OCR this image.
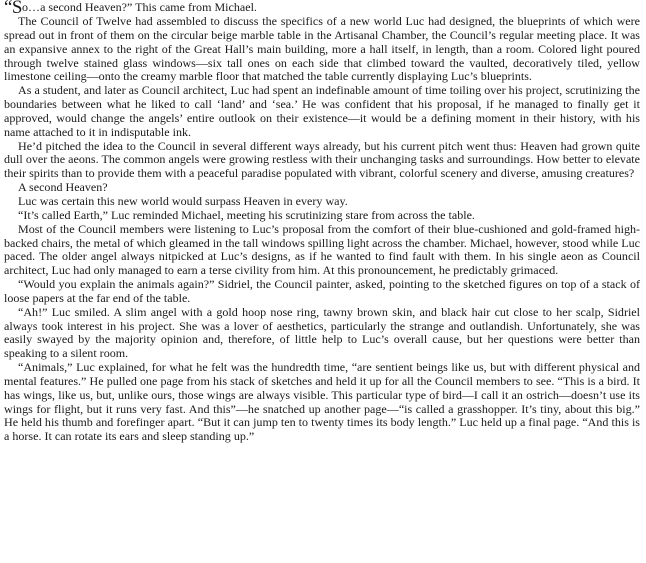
“So…a second Heaven?” This came from Michael.

The Council of Twelve had assembled to discuss the specifics of a new world Luc had designed, the blueprints of which were spread out in front of them on the circular beige marble table in the Artisanal Chamber, the Council’s regular meeting place. It was an expansive annex to the right of the Great Hall’s main building, more a hall itself, in length, than a room. Colored light poured through twelve stained glass windows—six tall ones on each side that climbed toward the vaulted, decoratively tiled, yellow limestone ceiling—onto the creamy marble floor that matched the table currently displaying Luc’s blueprints.

As a student, and later as Council architect, Luc had spent an indefinable amount of time toiling over his project, scrutinizing the boundaries between what he liked to call ‘land’ and ‘sea.’ He was confident that his proposal, if he managed to finally get it approved, would change the angels’ entire outlook on their existence—it would be a defining moment in their history, with his name attached to it in indisputable ink.

He’d pitched the idea to the Council in several different ways already, but his current pitch went thus: Heaven had grown quite dull over the aeons. The common angels were growing restless with their unchanging tasks and surroundings. How better to elevate their spirits than to provide them with a peaceful paradise populated with vibrant, colorful scenery and diverse, amusing creatures?

A second Heaven?

Luc was certain this new world would surpass Heaven in every way.

“It’s called Earth,” Luc reminded Michael, meeting his scrutinizing stare from across the table.

Most of the Council members were listening to Luc’s proposal from the comfort of their blue-cushioned and gold-framed high-backed chairs, the metal of which gleamed in the tall windows spilling light across the chamber. Michael, however, stood while Luc paced. The older angel always nitpicked at Luc’s designs, as if he wanted to find fault with them. In his single aeon as Council architect, Luc had only managed to earn a terse civility from him. At this pronouncement, he predictably grimaced.

“Would you explain the animals again?” Sidriel, the Council painter, asked, pointing to the sketched figures on top of a stack of loose papers at the far end of the table.

“Ah!” Luc smiled. A slim angel with a gold hoop nose ring, tawny brown skin, and black hair cut close to her scalp, Sidriel always took interest in his project. She was a lover of aesthetics, particularly the strange and outlandish. Unfortunately, she was easily swayed by the majority opinion and, therefore, of little help to Luc’s overall cause, but her questions were better than speaking to a silent room.

“Animals,” Luc explained, for what he felt was the hundredth time, “are sentient beings like us, but with different physical and mental features.” He pulled one page from his stack of sketches and held it up for all the Council members to see. “This is a bird. It has wings, like us, but, unlike ours, those wings are always visible. This particular type of bird—I call it an ostrich—doesn’t use its wings for flight, but it runs very fast. And this”—he snatched up another page—“is called a grasshopper. It’s tiny, about this big.” He held his thumb and forefinger apart. “But it can jump ten to twenty times its body length.” Luc held up a final page. “And this is a horse. It can rotate its ears and sleep standing up.”
